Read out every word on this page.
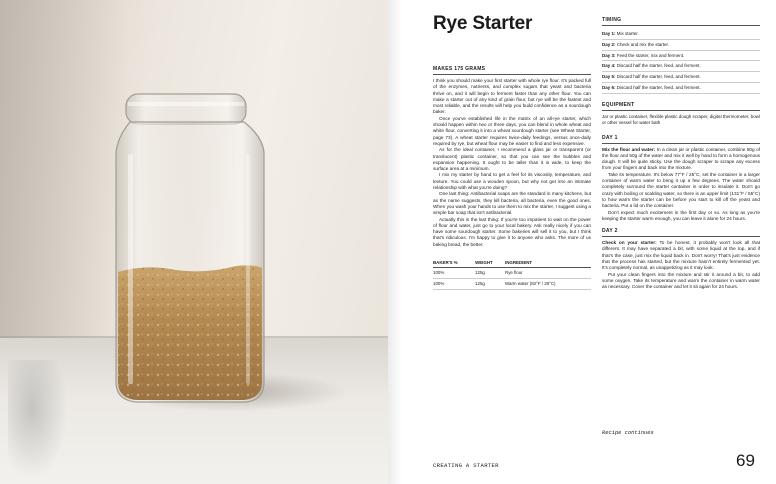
Rye Starter
MAKES 175 GRAMS

I think you should make your first starter with whole rye flour. It's packed full of the enzymes, nutrients, and complex sugars that yeast and bacteria thrive on, and it will begin to ferment faster than any other flour. You can make a starter out of any kind of grain flour, but rye will be the fastest and most reliable, and the results will help you build confidence as a sourdough baker.

Once you've established life in the matrix of an all-rye starter, which should happen within two or three days, you can blend in whole wheat and white flour, converting it into a wheat sourdough starter (see Wheat Starter, page 73). A wheat starter requires twice-daily feedings, versus once-daily required by rye, but wheat flour may be easier to find and less expensive.

As for the ideal container, I recommend a glass jar or transparent (or translucent) plastic container, so that you can see the bubbles and expansion happening. It ought to be taller than it is wide, to keep the surface area at a minimum.

I mix my starter by hand to get a feel for its viscosity, temperature, and texture. You could use a wooden spoon, but why not get into an intimate relationship with what you're doing?

One last thing: Antibacterial soaps are the standard in many kitchens, but as the name suggests, they kill bacteria, all bacteria, even the good ones. When you wash your hands to use them to mix the starter, I suggest using a simple bar soap that isn't antibacterial.

Actually this is the last thing: If you're too impatient to wait on the power of flour and water, just go to your local bakery. Ask really nicely if you can have some sourdough starter. Some bakeries will sell it to you, but I think that's ridiculous. I'm happy to give it to anyone who asks. The more of us baking bread, the better.

BAKER'S %	WEIGHT	INGREDIENT
100%	125g	Rye flour
100%	125g	Warm water (82°F / 28°C)
TIMING
Day 1: Mix starter.
Day 2: Check and mix the starter.
Day 3: Feed the starter, mix and ferment.
Day 4: Discard half the starter, feed, and ferment.
Day 5: Discard half the starter, feed, and ferment.
Day 6: Discard half the starter, feed, and ferment.
EQUIPMENT
Jar or plastic container, flexible plastic dough scraper, digital thermometer, bowl or other vessel for water bath
DAY 1

Mix the flour and water: In a clean jar or plastic container, combine 50g of the flour and 50g of the water and mix it well by hand to form a homogenous dough. It will be quite sticky. Use the dough scraper to scrape any excess from your fingers and back into the mixture.

Take its temperature. It's below 77°F / 25°C, set the container in a larger container of warm water to bring it up a few degrees. The water should completely surround the starter container in order to insulate it. Don't go crazy with boiling or scalding water, so there is an upper limit (131°F / 55°C) to how warm the starter can be before you start to kill off the yeast and bacteria. Put a lid on the container.

Don't expect much excitement in the first day or so. As long as you're keeping the starter warm enough, you can leave it alone for 24 hours.

DAY 2

Check on your starter: To be honest, it probably won't look all that different. It may have separated a bit, with some liquid at the top, and if that's the case, just mix the liquid back in. Don't worry! That's just evidence that the process has started, but the mixture hasn't entirely fermented yet. It's completely normal, as unappetizing as it may look.

Put your clean fingers into the mixture and stir it around a bit, to add some oxygen. Take its temperature and warm the container in warm water as necessary. Cover the container and let it sit again for 24 hours.

Recipe continues
CREATING A STARTER	69
